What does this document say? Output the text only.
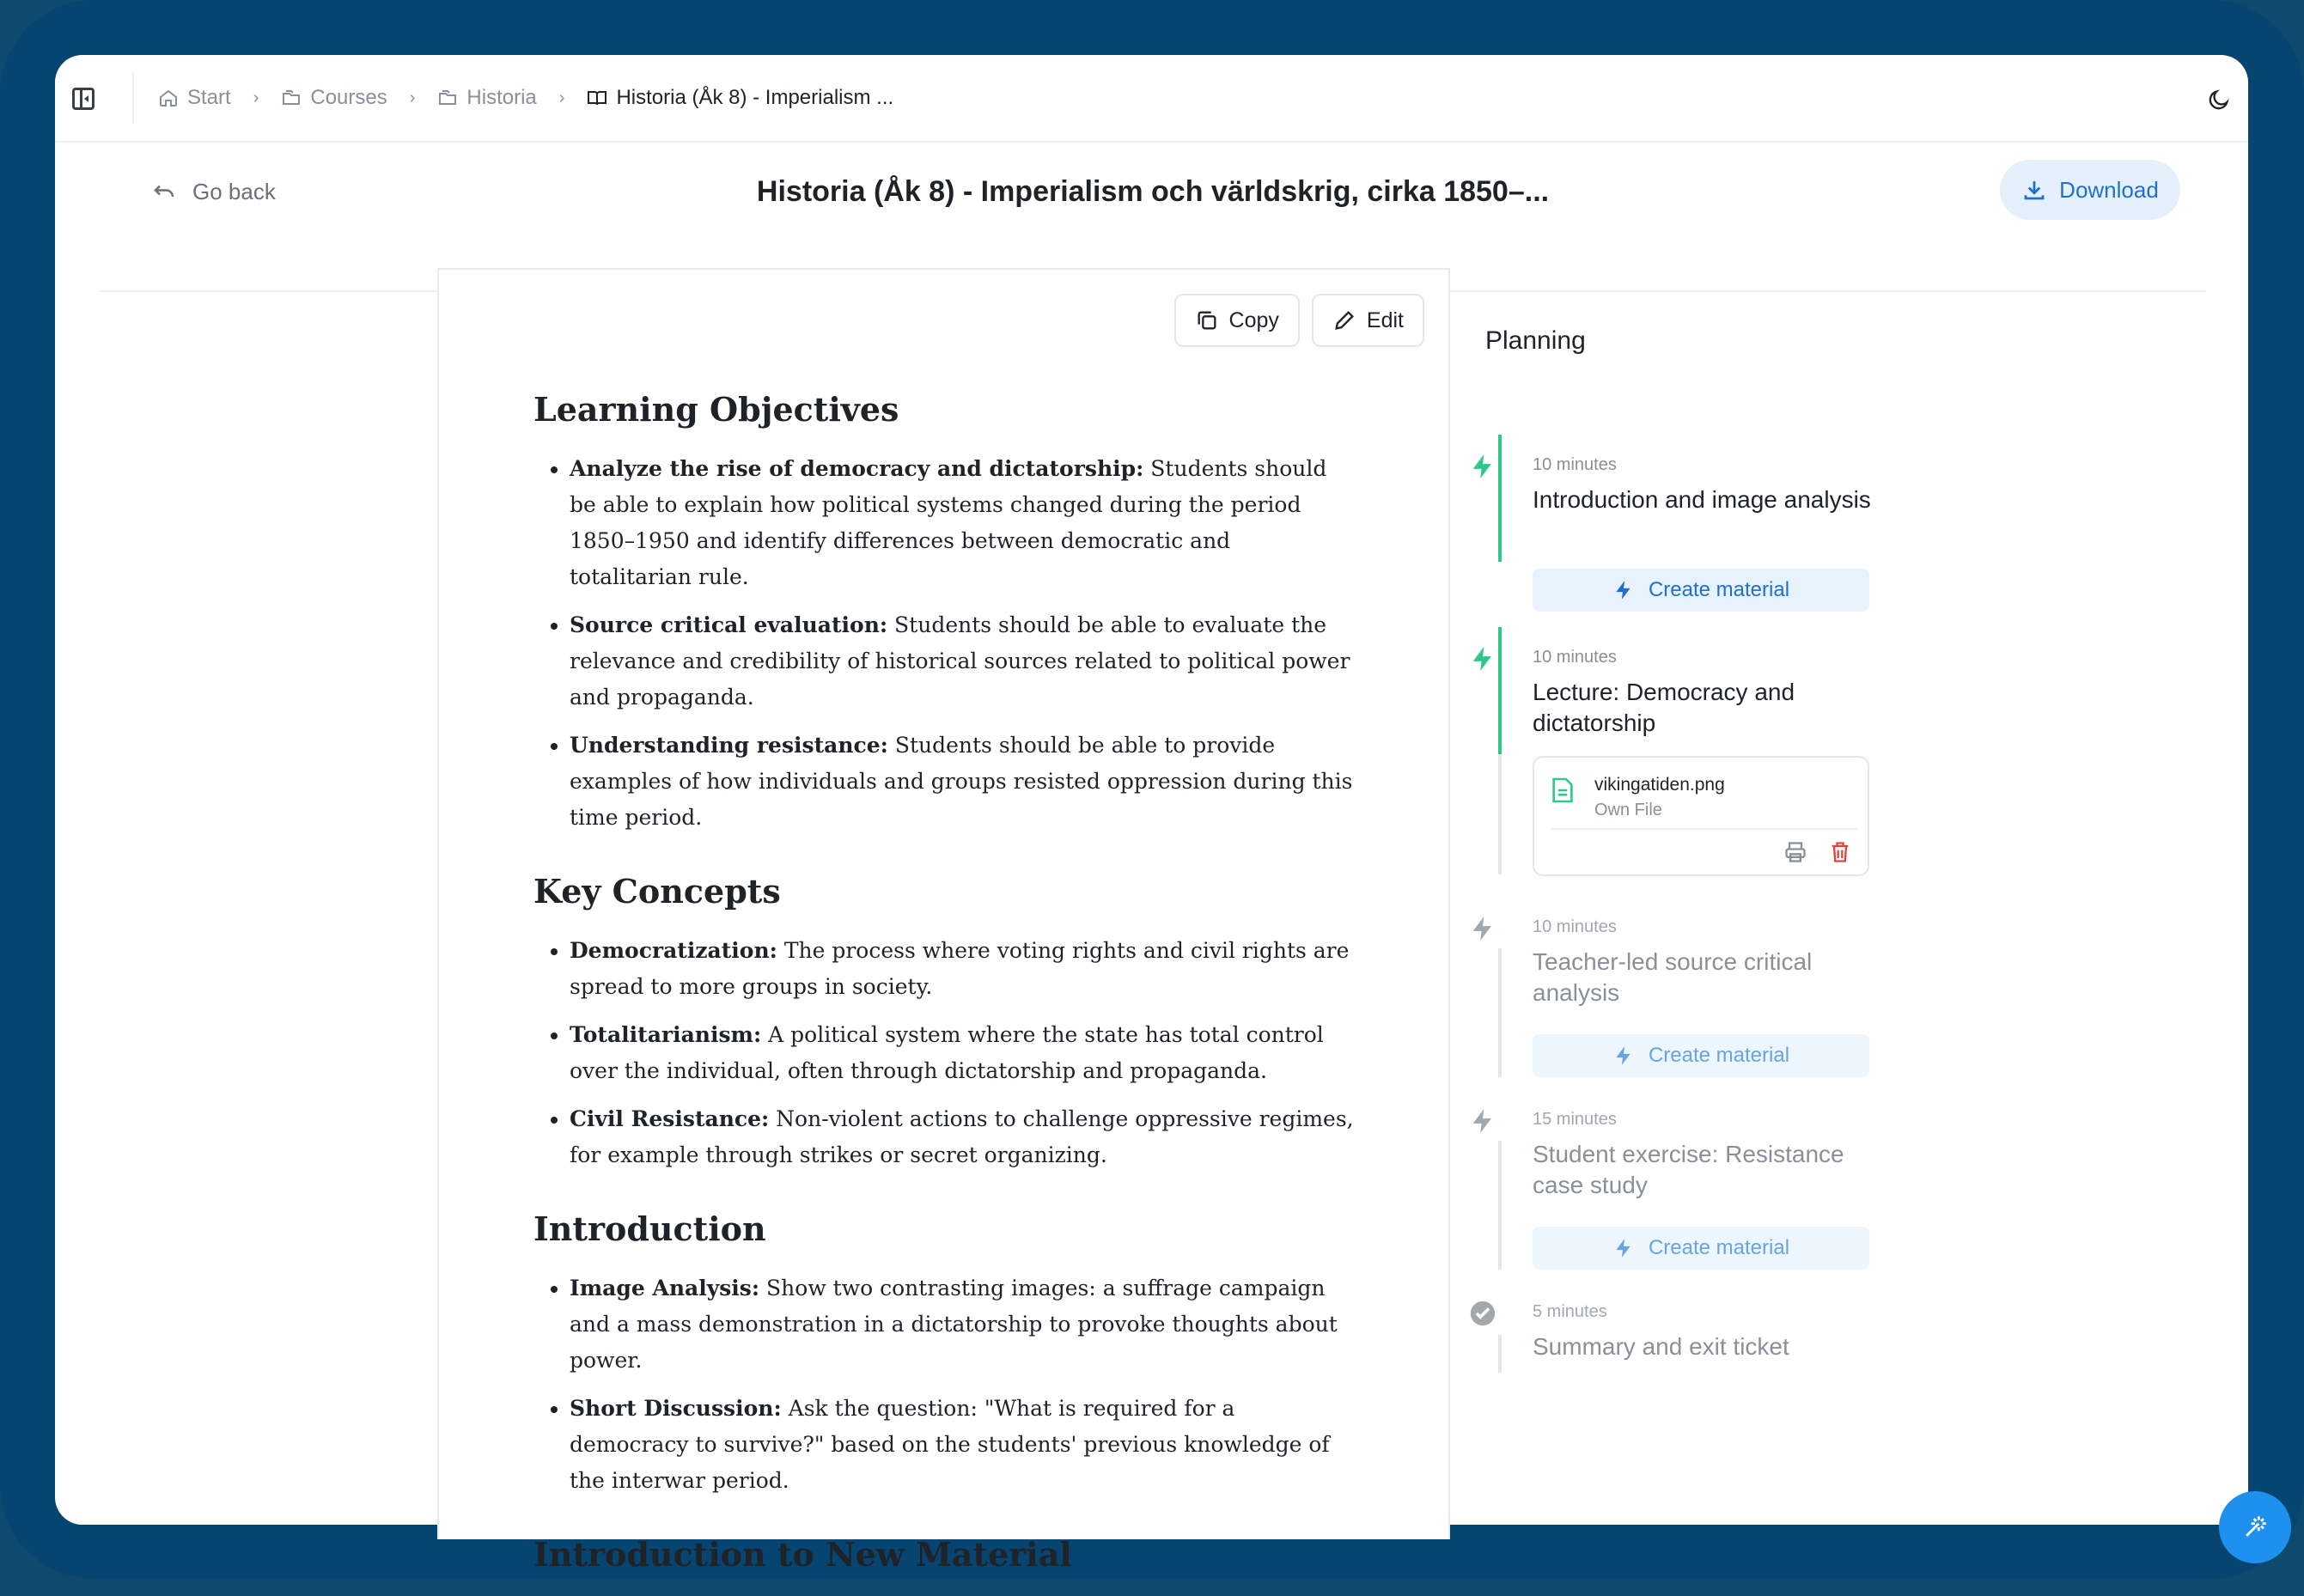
Start ›	Courses ›	Historia ›	Historia (Åk 8) - Imperialism ...
Go back	Historia (Åk 8) - Imperialism och världskrig, cirka 1850–...	Download
Copy	Edit
Learning Objectives
• Analyze the rise of democracy and dictatorship: Students should be able to explain how political systems changed during the period 1850–1950 and identify differences between democratic and totalitarian rule.
• Source critical evaluation: Students should be able to evaluate the relevance and credibility of historical sources related to political power and propaganda.
• Understanding resistance: Students should be able to provide examples of how individuals and groups resisted oppression during this time period.
Key Concepts
• Democratization: The process where voting rights and civil rights are spread to more groups in society.
• Totalitarianism: A political system where the state has total control over the individual, often through dictatorship and propaganda.
• Civil Resistance: Non-violent actions to challenge oppressive regimes, for example through strikes or secret organizing.
Introduction
• Image Analysis: Show two contrasting images: a suffrage campaign and a mass demonstration in a dictatorship to provoke thoughts about power.
• Short Discussion: Ask the question: "What is required for a democracy to survive?" based on the students' previous knowledge of the interwar period.
Introduction to New Material
Planning
10 minutes
Introduction and image analysis
Create material
10 minutes
Lecture: Democracy and dictatorship
vikingatiden.png
Own File
10 minutes
Teacher-led source critical analysis
Create material
15 minutes
Student exercise: Resistance case study
Create material
5 minutes
Summary and exit ticket
